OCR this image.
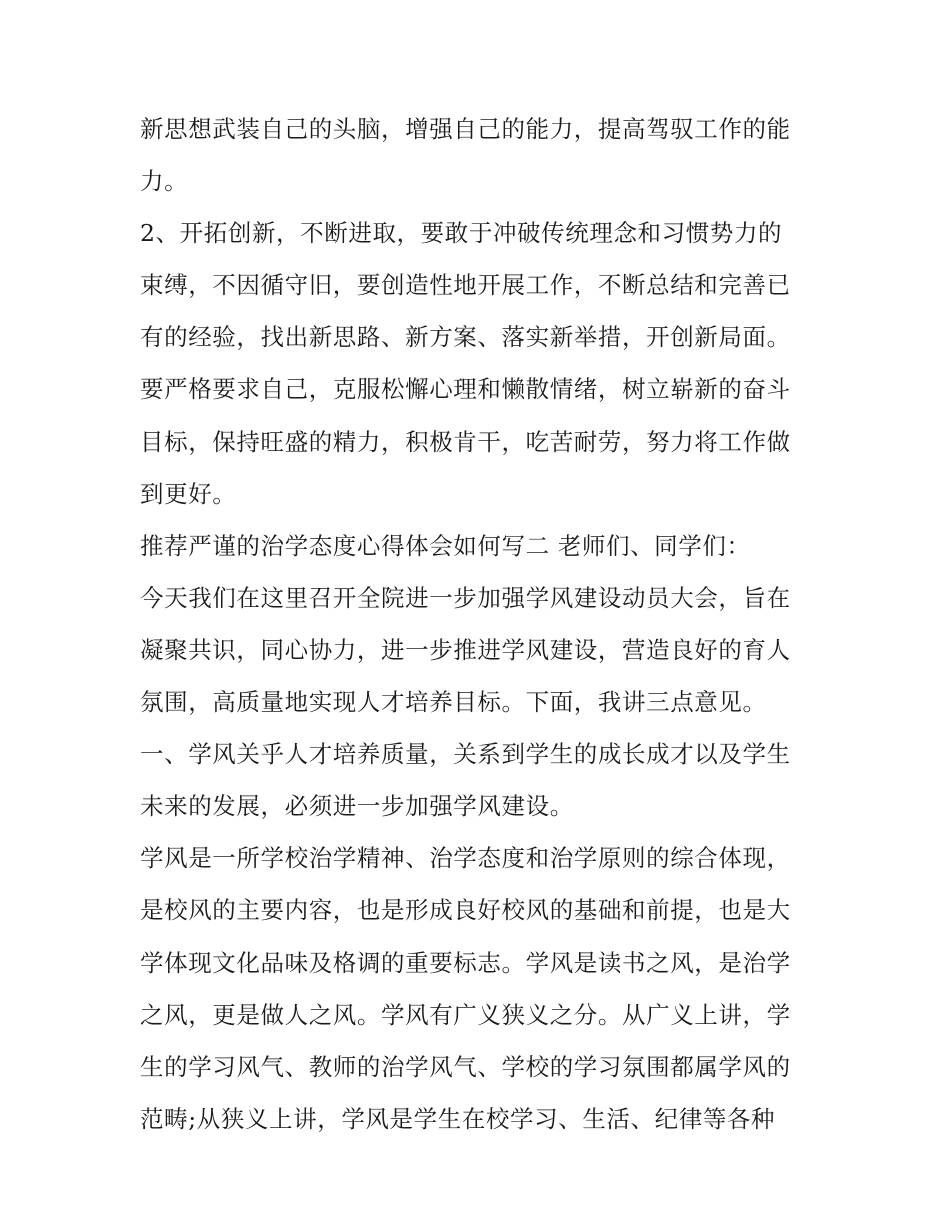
新思想武装自己的头脑，增强自己的能力，提高驾驭工作的能
力。
2、开拓创新，不断进取，要敢于冲破传统理念和习惯势力的
束缚，不因循守旧，要创造性地开展工作，不断总结和完善已
有的经验，找出新思路、新方案、落实新举措，开创新局面。
要严格要求自己，克服松懈心理和懒散情绪，树立崭新的奋斗
目标，保持旺盛的精力，积极肯干，吃苦耐劳，努力将工作做
到更好。
推荐严谨的治学态度心得体会如何写二 老师们、同学们：
今天我们在这里召开全院进一步加强学风建设动员大会，旨在
凝聚共识，同心协力，进一步推进学风建设，营造良好的育人
氛围，高质量地实现人才培养目标。下面，我讲三点意见。
一、学风关乎人才培养质量，关系到学生的成长成才以及学生
未来的发展，必须进一步加强学风建设。
学风是一所学校治学精神、治学态度和治学原则的综合体现，
是校风的主要内容，也是形成良好校风的基础和前提，也是大
学体现文化品味及格调的重要标志。学风是读书之风，是治学
之风，更是做人之风。学风有广义狭义之分。从广义上讲，学
生的学习风气、教师的治学风气、学校的学习氛围都属学风的
范畴;从狭义上讲，学风是学生在校学习、生活、纪律等各种
